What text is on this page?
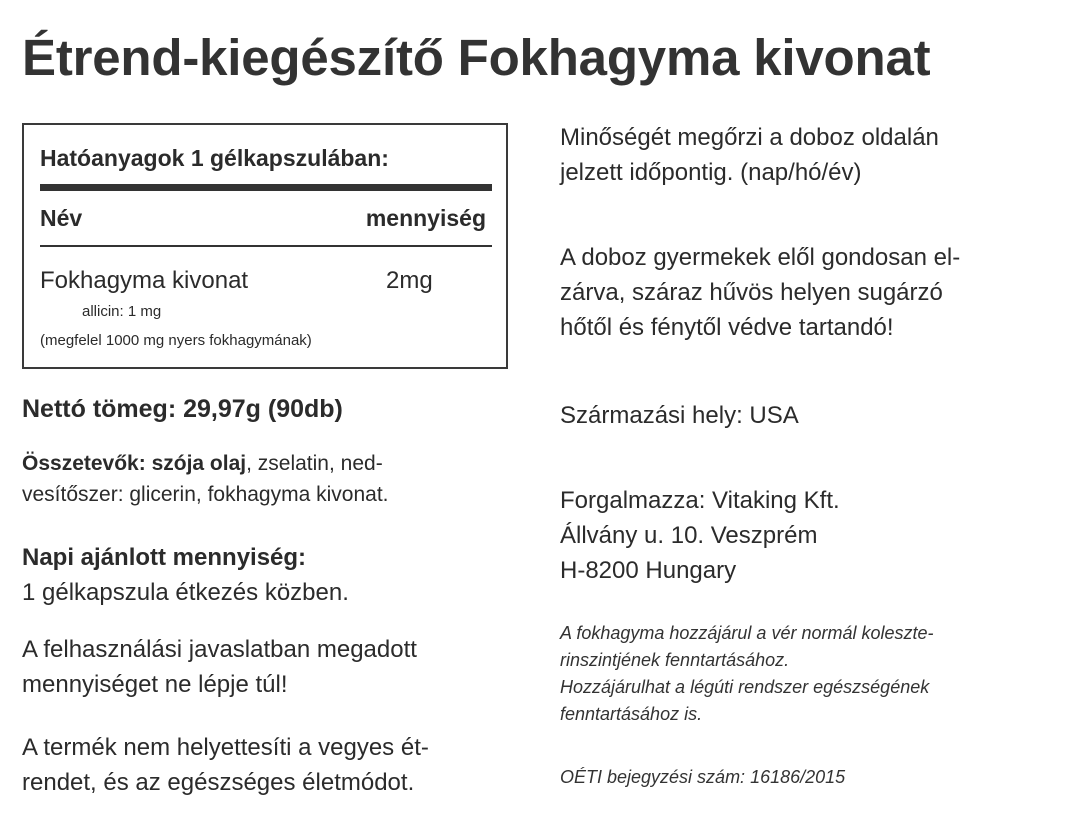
Étrend-kiegészítő Fokhagyma kivonat
Hatóanyagok 1 gélkapszulában:
Név	mennyiség
Fokhagyma kivonat	2mg
allicin: 1 mg
(megfelel 1000 mg nyers fokhagymának)
Nettó tömeg: 29,97g (90db)
Összetevők: szója olaj, zselatin, ned-
vesítőszer: glicerin, fokhagyma kivonat.
Napi ajánlott mennyiség:
1 gélkapszula étkezés közben.
A felhasználási javaslatban megadott
mennyiséget ne lépje túl!
A termék nem helyettesíti a vegyes ét-
rendet, és az egészséges életmódot.
Minőségét megőrzi a doboz oldalán
jelzett időpontig. (nap/hó/év)
A doboz gyermekek elől gondosan el-
zárva, száraz hűvös helyen sugárzó
hőtől és fénytől védve tartandó!
Származási hely: USA
Forgalmazza: Vitaking Kft.
Állvány u. 10. Veszprém
H-8200 Hungary
A fokhagyma hozzájárul a vér normál koleszte-
rinszintjének fenntartásához.
Hozzájárulhat a légúti rendszer egészségének
fenntartásához is.
OÉTI bejegyzési szám: 16186/2015
